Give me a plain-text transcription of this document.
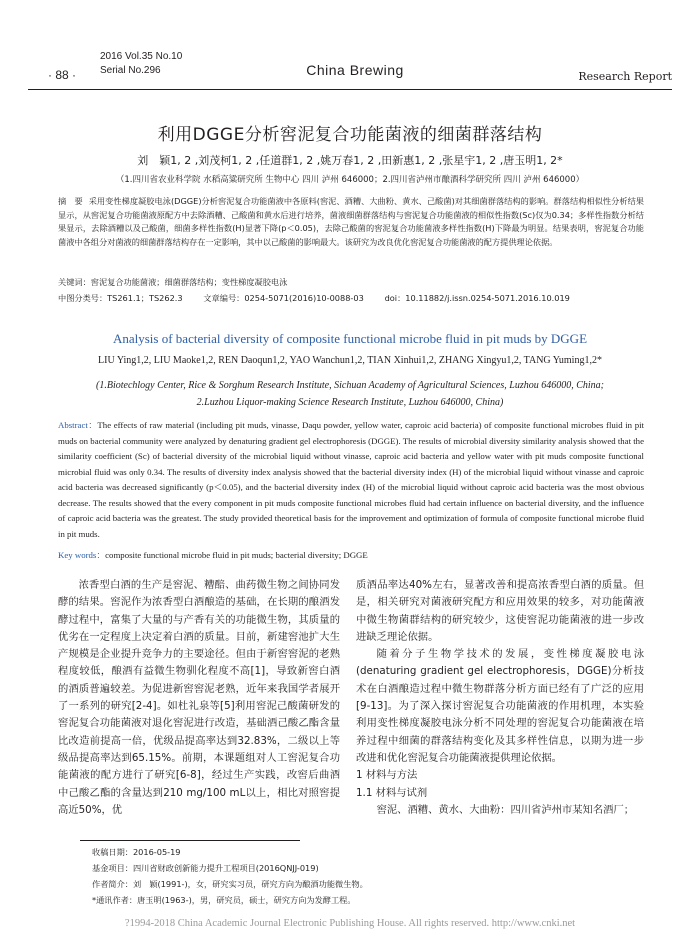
2016 Vol.35 No.10
Serial No.296
· 88 ·	China Brewing	Research Report
利用DGGE分析窖泥复合功能菌液的细菌群落结构
刘　颖1, 2 ,刘茂柯1, 2 ,任道群1, 2 ,姚万春1, 2 ,田新惠1, 2 ,张星宇1, 2 ,唐玉明1, 2*
（1.四川省农业科学院 水稻高粱研究所 生物中心 四川 泸州 646000；2.四川省泸州市酿酒科学研究所 四川 泸州 646000）
摘　要 采用变性梯度凝胶电泳(DGGE)分析窖泥复合功能菌液中各原料(窖泥、酒糟、大曲粉、黄水、己酸菌)对其细菌群落结构的影响。群落结构相似性分析结果显示，从窖泥复合功能菌液原配方中去除酒糟、己酸菌和黄水后进行培养，菌液细菌群落结构与窖泥复合功能菌液的相似性指数(Sc)仅为0.34；多样性指数分析结果显示，去除酒糟以及己酸菌，细菌多样性指数(H)显著下降(p＜0.05)，去除己酸菌的窖泥复合功能菌液多样性指数(H)下降最为明显。结果表明，窖泥复合功能菌液中各组分对菌液的细菌群落结构存在一定影响，其中以己酸菌的影响最大。该研究为改良优化窖泥复合功能菌液的配方提供理论依据。
关键词：窖泥复合功能菌液；细菌群落结构；变性梯度凝胶电泳
中图分类号：TS261.1；TS262.3        文章编号：0254-5071(2016)10-0088-03        doi：10.11882/j.issn.0254-5071.2016.10.019
Analysis of bacterial diversity of composite functional microbe fluid in pit muds by DGGE
LIU Ying1,2, LIU Maoke1,2, REN Daoqun1,2, YAO Wanchun1,2, TIAN Xinhui1,2, ZHANG Xingyu1,2, TANG Yuming1,2*
(1.Biotechlogy Center, Rice & Sorghum Research Institute, Sichuan Academy of Agricultural Sciences, Luzhou 646000, China;
2.Luzhou Liquor-making Science Research Institute, Luzhou 646000, China)
Abstract：The effects of raw material (including pit muds, vinasse, Daqu powder, yellow water, caproic acid bacteria) of composite functional microbes fluid in pit muds on bacterial community were analyzed by denaturing gradient gel electrophoresis (DGGE). The results of microbial diversity similarity analysis showed that the similarity coefficient (Sc) of bacterial diversity of the microbial liquid without vinasse, caproic acid bacteria and yellow water with pit muds composite functional microbial fluid was only 0.34. The results of diversity index analysis showed that the bacterial diversity index (H) of the microbial liquid without vinasse and caproic acid bacteria was decreased significantly (p＜0.05), and the bacterial diversity index (H) of the microbial liquid without caproic acid bacteria was the most obvious decrease. The results showed that the every component in pit muds composite functional microbes fluid had certain influence on bacterial diversity, and the influence of caproic acid bacteria was the greatest. The study provided theoretical basis for the improvement and optimization of formula of composite functional microbe fluid in pit muds.
Key words：composite functional microbe fluid in pit muds; bacterial diversity; DGGE

浓香型白酒的生产是窖泥、糟醅、曲药微生物之间协同发酵的结果。窖泥作为浓香型白酒酿造的基础，在长期的酿酒发酵过程中，富集了大量的与产香有关的功能微生物，其质量的优劣在一定程度上决定着白酒的质量。目前，新建窖池扩大生产规模是企业提升竞争力的主要途径。但由于新窖窖泥的老熟程度较低，酿酒有益微生物驯化程度不高[1]，导致新窖白酒的酒质普遍较差。为促进新窖窖泥老熟，近年来我国学者展开了一系列的研究[2-4]。如杜礼泉等[5]利用窖泥己酸菌研发的窖泥复合功能菌液对退化窖泥进行改造，基础酒己酸乙酯含量比改造前提高一倍，优级品提高率达到32.83%，二级以上等级品提高率达到65.15%。前期，本课题组对人工窖泥复合功能菌液的配方进行了研究[6-8]，经过生产实践，改窖后曲酒中己酸乙酯的含量达到210 mg/100 mL以上，相比对照窖提高近50%，优

质酒品率达40%左右，显著改善和提高浓香型白酒的质量。但是，相关研究对菌液研究配方和应用效果的较多，对功能菌液中微生物菌群结构的研究较少，这使窖泥功能菌液的进一步改进缺乏理论依据。

随着分子生物学技术的发展，变性梯度凝胶电泳(denaturing gradient gel electrophoresis，DGGE)分析技术在白酒酿造过程中微生物群落分析方面已经有了广泛的应用[9-13]。为了深入探讨窖泥复合功能菌液的作用机理，本实验利用变性梯度凝胶电泳分析不同处理的窖泥复合功能菌液在培养过程中细菌的群落结构变化及其多样性信息，以期为进一步改进和优化窖泥复合功能菌液提供理论依据。

1 材料与方法
1.1 材料与试剂

窖泥、酒糟、黄水、大曲粉：四川省泸州市某知名酒厂；

收稿日期：2016-05-19
基金项目：四川省财政创新能力提升工程项目(2016QNJJ-019)
作者简介：刘　颖(1991-)，女，研究实习员，研究方向为酿酒功能微生物。
*通讯作者：唐玉明(1963-)，男，研究员，硕士，研究方向为发酵工程。
?1994-2018 China Academic Journal Electronic Publishing House. All rights reserved. http://www.cnki.net
